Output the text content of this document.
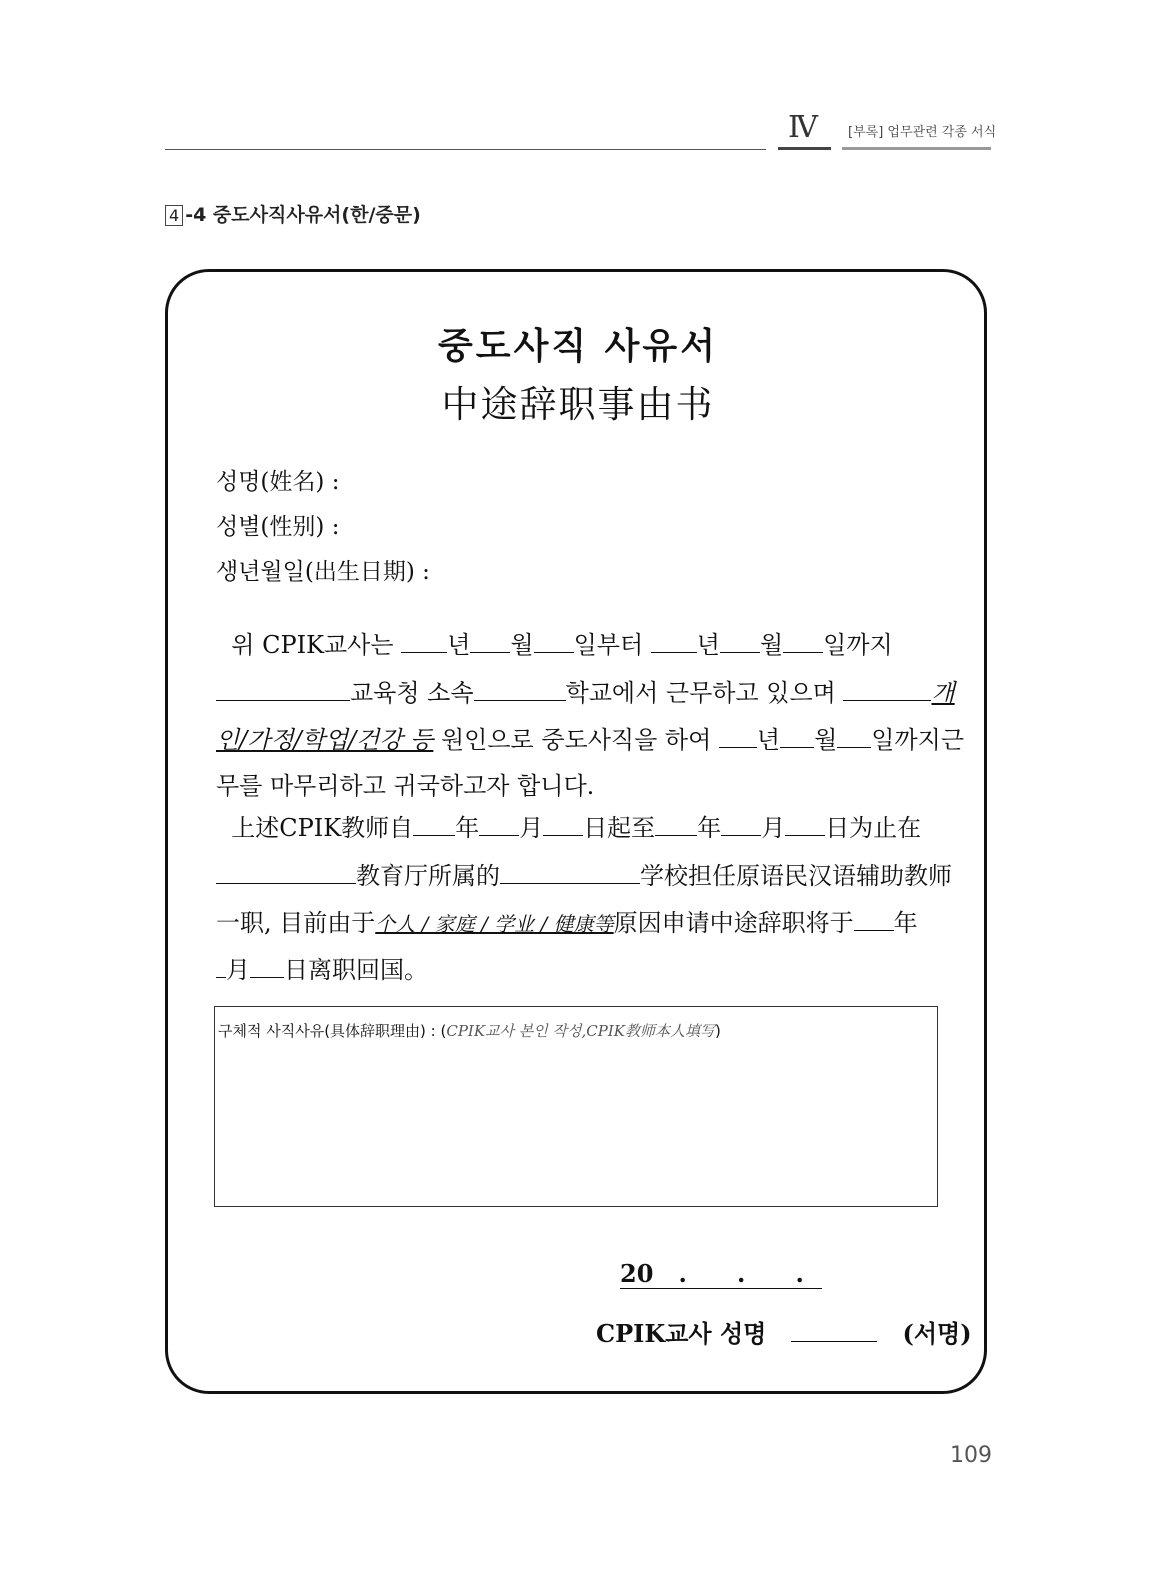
Ⅳ [부록] 업무관련 각종 서식
4 -4 중도사직사유서(한/중문)
중도사직 사유서
中途辞职事由书
성명(姓名) :
성별(性别) :
생년월일(出生日期) :
위 CPIK교사는 년 월 일부터 년 월 일까지
교육청 소속	학교에서 근무하고 있으며	개
인/가정/학업/건강 등 원인으로 중도사직을 하여 년 월 일까지근
무를 마무리하고 귀국하고자 합니다.
上述CPIK教师自 年 月 日起至 年 月 日为止在
教育厅所属的	学校担任原语民汉语辅助教师
一职, 目前由于个人 / 家庭 / 学业 / 健康等原因申请中途辞职将于 年
月 日离职回国。
구체적 사직사유(具体辞职理由) : (CPIK교사 본인 작성,CPIK教师本人填写)
20   .      .      .
CPIK교사 성명	(서명)
109
